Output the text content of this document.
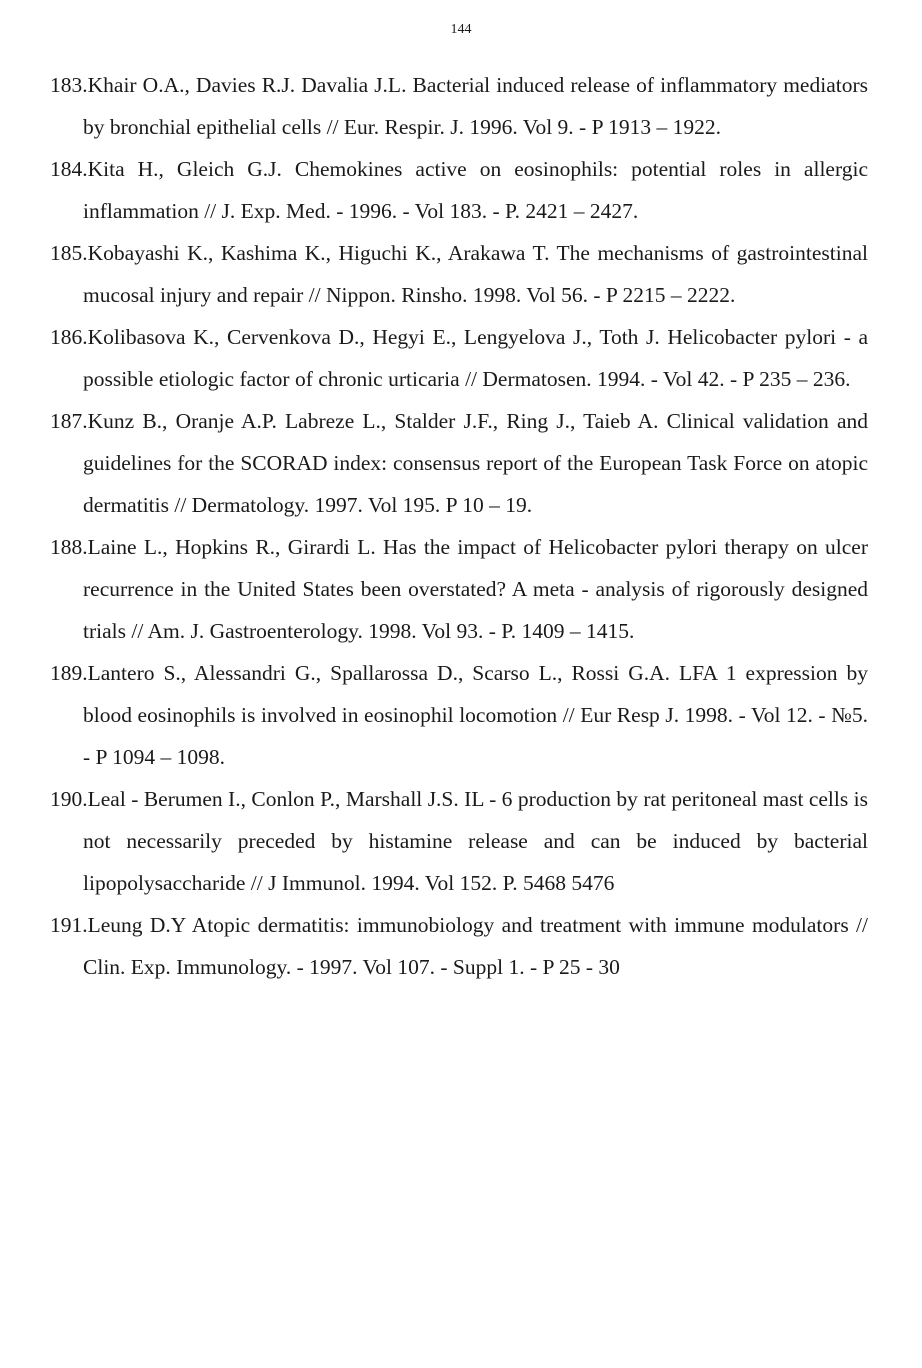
144
183.Khair O.A., Davies R.J. Davalia J.L. Bacterial induced release of inflammatory mediators by bronchial epithelial cells // Eur. Respir. J. 1996. Vol 9. - P 1913 – 1922.
184.Kita H., Gleich G.J. Chemokines active on eosinophils: potential roles in allergic inflammation // J. Exp. Med. - 1996. - Vol 183. - P. 2421 – 2427.
185.Kobayashi K., Kashima K., Higuchi K., Arakawa T. The mechanisms of gastrointestinal mucosal injury and repair // Nippon. Rinsho. 1998. Vol 56. - P 2215 – 2222.
186.Kolibasova K., Cervenkova D., Hegyi E., Lengyelova J., Toth J. Helicobacter pylori - a possible etiologic factor of chronic urticaria // Dermatosen. 1994. - Vol 42. - P 235 – 236.
187.Kunz B., Oranje A.P. Labreze L., Stalder J.F., Ring J., Taieb A. Clinical validation and guidelines for the SCORAD index: consensus report of the European Task Force on atopic dermatitis // Dermatology. 1997. Vol 195. P 10 – 19.
188.Laine L., Hopkins R., Girardi L. Has the impact of Helicobacter pylori therapy on ulcer recurrence in the United States been overstated? A meta - analysis of rigorously designed trials // Am. J. Gastroenterology. 1998. Vol 93. - P. 1409 – 1415.
189.Lantero S., Alessandri G., Spallarossa D., Scarso L., Rossi G.A. LFA 1 expression by blood eosinophils is involved in eosinophil locomotion // Eur Resp J. 1998. - Vol 12. - №5. - P 1094 – 1098.
190.Leal - Berumen I., Conlon P., Marshall J.S. IL - 6 production by rat peritoneal mast cells is not necessarily preceded by histamine release and can be induced by bacterial lipopolysaccharide // J Immunol. 1994. Vol 152. P. 5468 5476
191.Leung D.Y Atopic dermatitis: immunobiology and treatment with immune modulators // Clin. Exp. Immunology. - 1997. Vol 107. - Suppl 1. - P 25 - 30
